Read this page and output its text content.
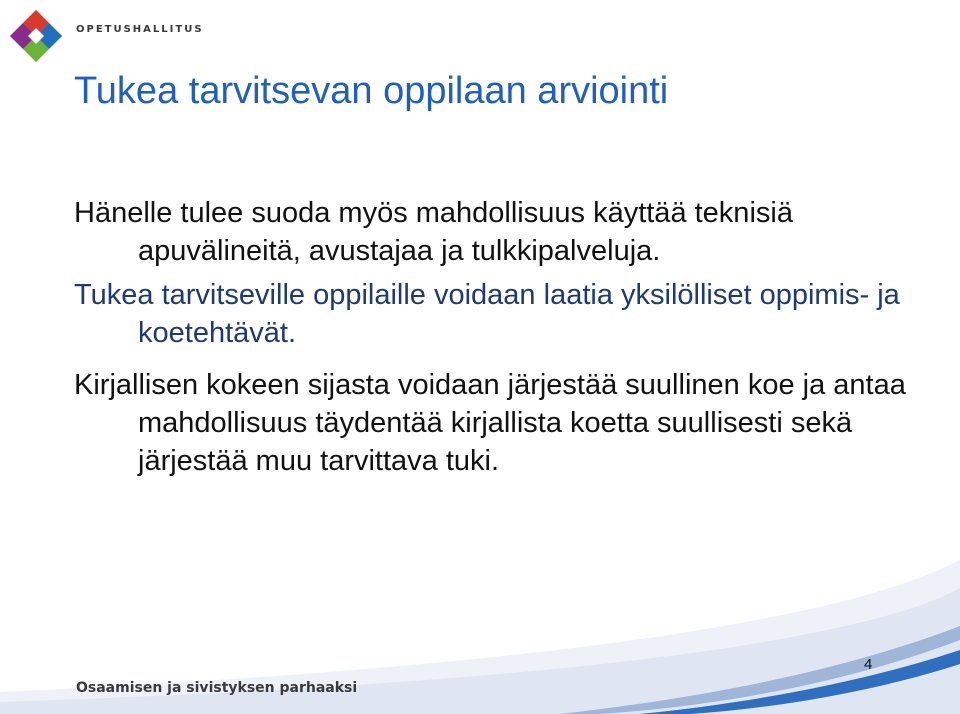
OPETUSHALLITUS
Tukea tarvitsevan oppilaan arviointi

Hänelle tulee suoda myös mahdollisuus käyttää teknisiä apuvälineitä, avustajaa ja tulkkipalveluja.

Tukea tarvitseville oppilaille voidaan laatia yksilölliset oppimis- ja koetehtävät.

Kirjallisen kokeen sijasta voidaan järjestää suullinen koe ja antaa mahdollisuus täydentää kirjallista koetta suullisesti sekä järjestää muu tarvittava tuki.

4
Osaamisen ja sivistyksen parhaaksi
